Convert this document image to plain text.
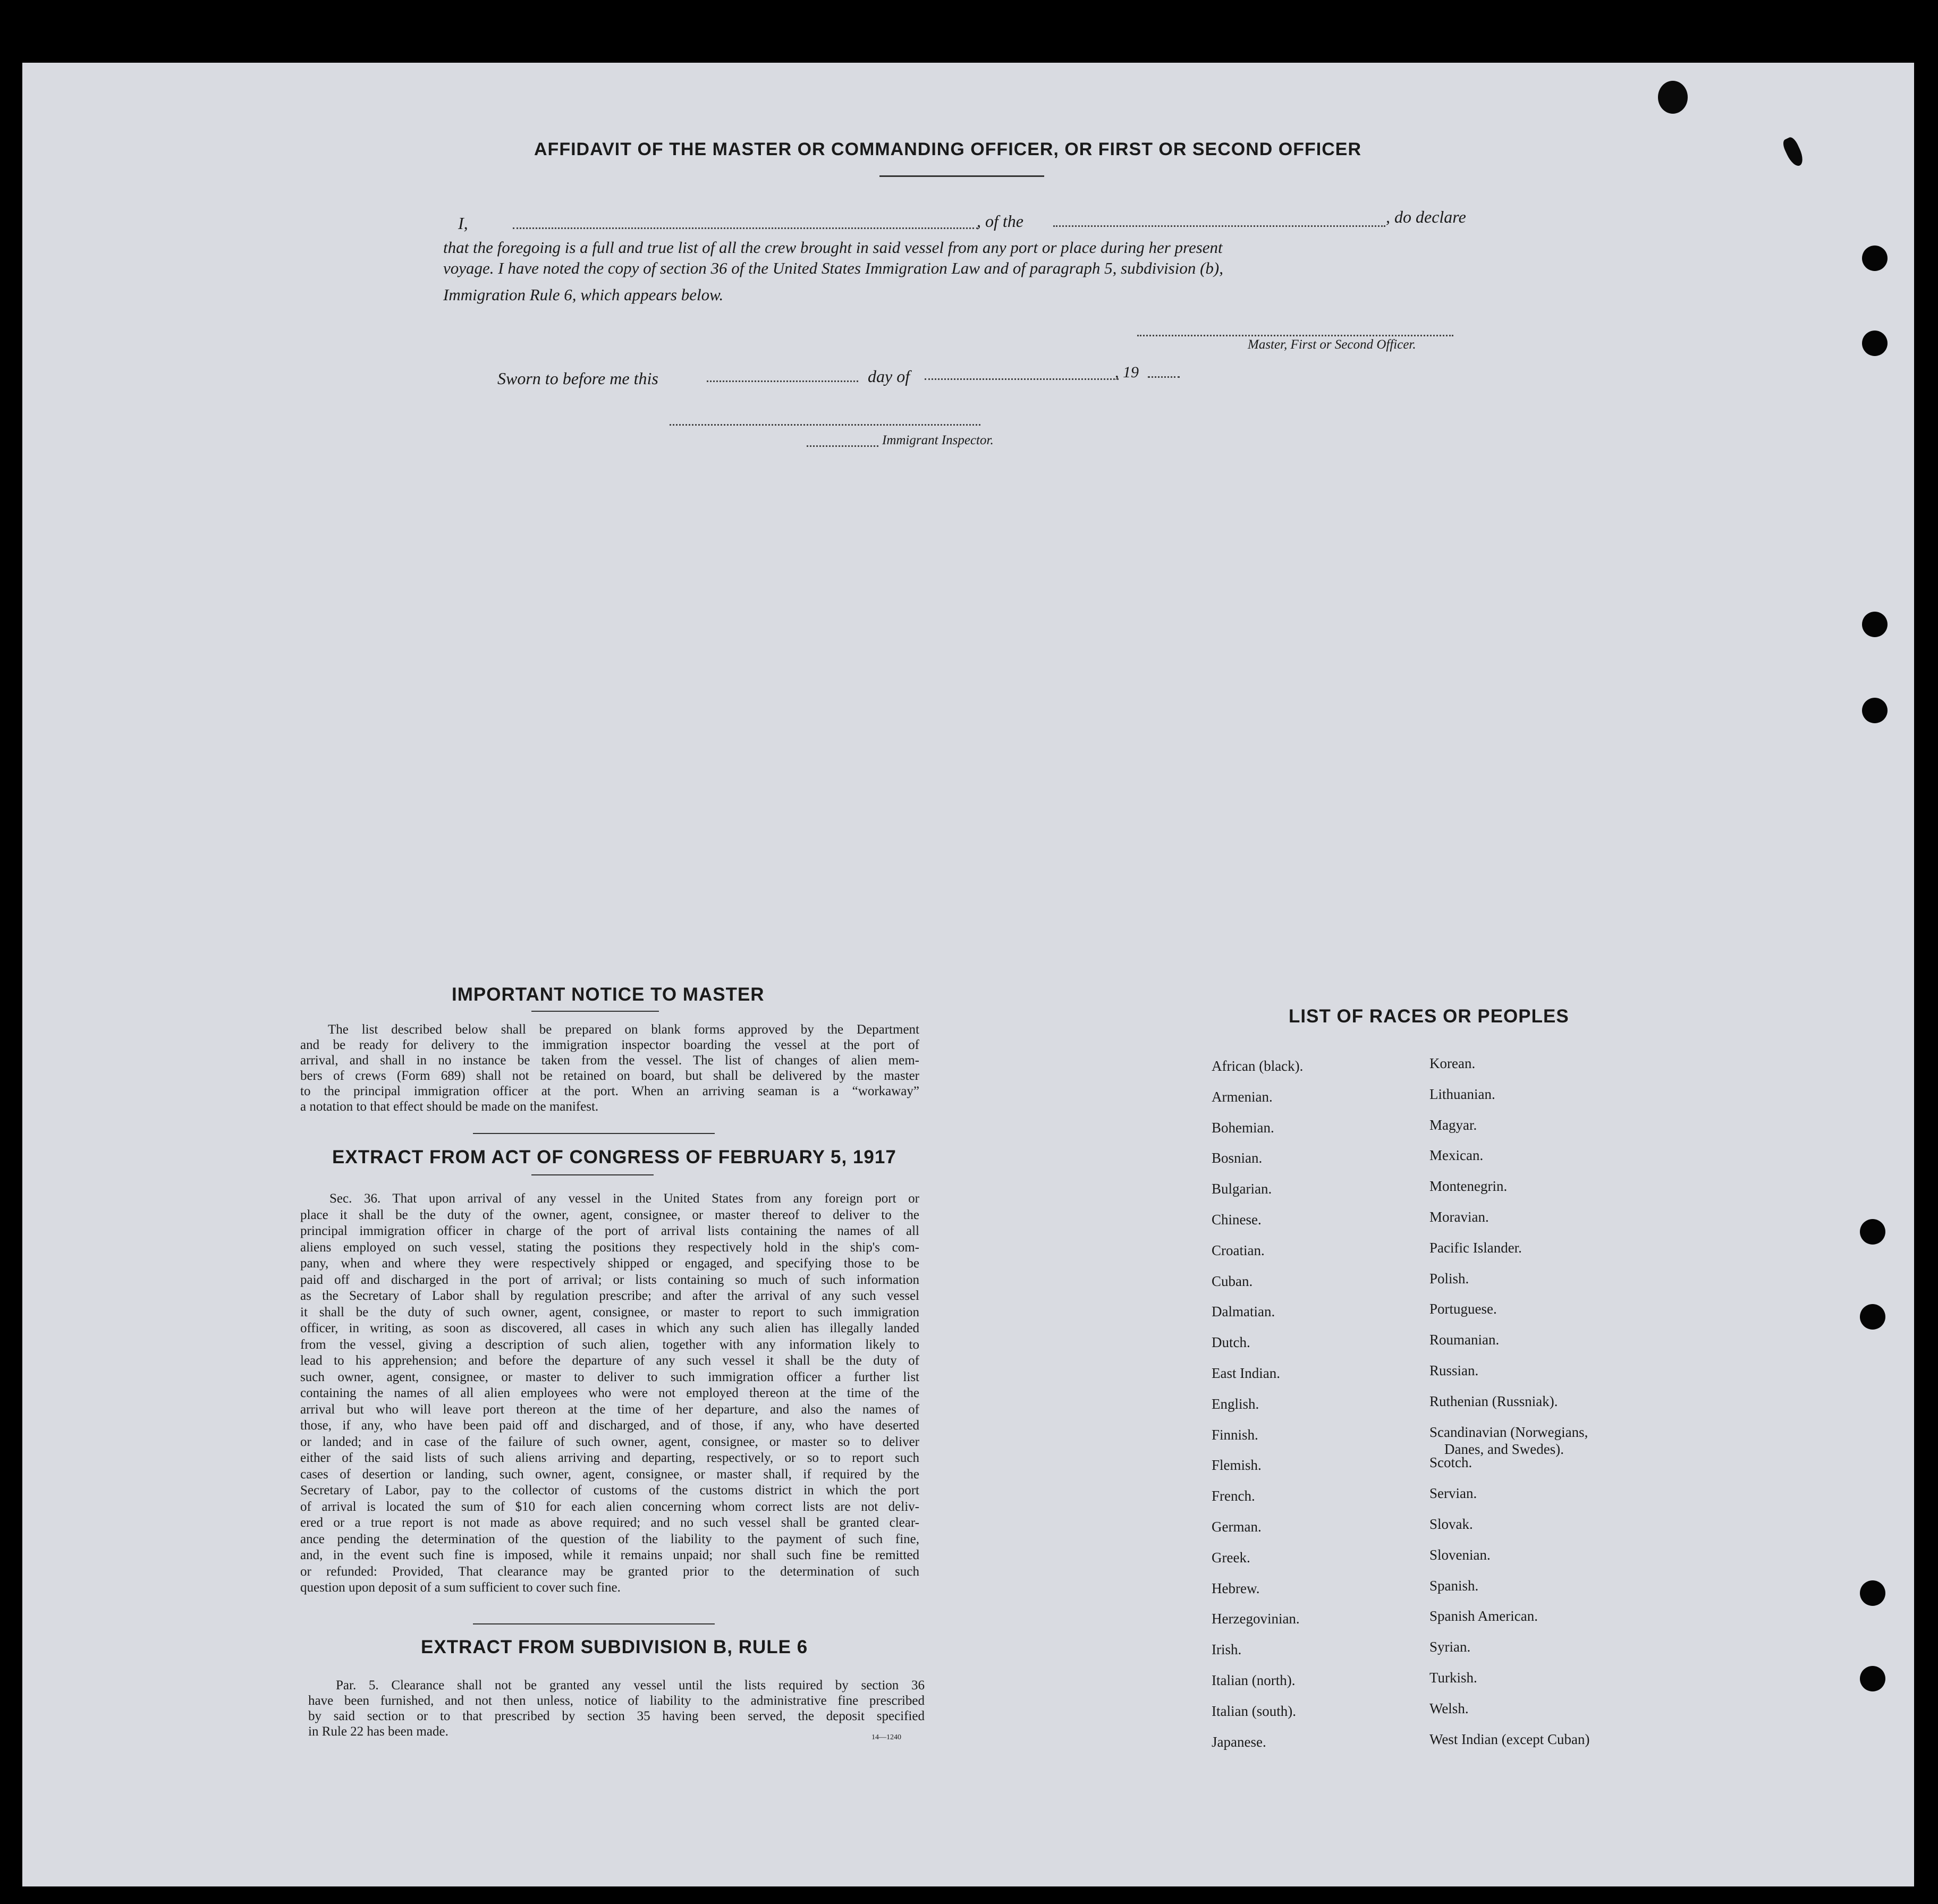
AFFIDAVIT OF THE MASTER OR COMMANDING OFFICER, OR FIRST OR SECOND OFFICER
I,	, of the	, do declare
that the foregoing is a full and true list of all the crew brought in said vessel from any port or place during her present
voyage. I have noted the copy of section 36 of the United States Immigration Law and of paragraph 5, subdivision (b),
Immigration Rule 6, which appears below.
Master, First or Second Officer.
Sworn to before me this	day of	, 19
Immigrant Inspector.
IMPORTANT NOTICE TO MASTER
The list described below shall be prepared on blank forms approved by the Department
and be ready for delivery to the immigration inspector boarding the vessel at the port of
arrival, and shall in no instance be taken from the vessel. The list of changes of alien mem-
bers of crews (Form 689) shall not be retained on board, but shall be delivered by the master
to the principal immigration officer at the port. When an arriving seaman is a “workaway”
a notation to that effect should be made on the manifest.
EXTRACT FROM ACT OF CONGRESS OF FEBRUARY 5, 1917
Sec. 36. That upon arrival of any vessel in the United States from any foreign port or
place it shall be the duty of the owner, agent, consignee, or master thereof to deliver to the
principal immigration officer in charge of the port of arrival lists containing the names of all
aliens employed on such vessel, stating the positions they respectively hold in the ship's com-
pany, when and where they were respectively shipped or engaged, and specifying those to be
paid off and discharged in the port of arrival; or lists containing so much of such information
as the Secretary of Labor shall by regulation prescribe; and after the arrival of any such vessel
it shall be the duty of such owner, agent, consignee, or master to report to such immigration
officer, in writing, as soon as discovered, all cases in which any such alien has illegally landed
from the vessel, giving a description of such alien, together with any information likely to
lead to his apprehension; and before the departure of any such vessel it shall be the duty of
such owner, agent, consignee, or master to deliver to such immigration officer a further list
containing the names of all alien employees who were not employed thereon at the time of the
arrival but who will leave port thereon at the time of her departure, and also the names of
those, if any, who have been paid off and discharged, and of those, if any, who have deserted
or landed; and in case of the failure of such owner, agent, consignee, or master so to deliver
either of the said lists of such aliens arriving and departing, respectively, or so to report such
cases of desertion or landing, such owner, agent, consignee, or master shall, if required by the
Secretary of Labor, pay to the collector of customs of the customs district in which the port
of arrival is located the sum of $10 for each alien concerning whom correct lists are not deliv-
ered or a true report is not made as above required; and no such vessel shall be granted clear-
ance pending the determination of the question of the liability to the payment of such fine,
and, in the event such fine is imposed, while it remains unpaid; nor shall such fine be remitted
or refunded: Provided, That clearance may be granted prior to the determination of such
question upon deposit of a sum sufficient to cover such fine.
EXTRACT FROM SUBDIVISION B, RULE 6
Par. 5. Clearance shall not be granted any vessel until the lists required by section 36
have been furnished, and not then unless, notice of liability to the administrative fine prescribed
by said section or to that prescribed by section 35 having been served, the deposit specified
in Rule 22 has been made.	14—1240
LIST OF RACES OR PEOPLES
African (black).
Armenian.
Bohemian.
Bosnian.
Bulgarian.
Chinese.
Croatian.
Cuban.
Dalmatian.
Dutch.
East Indian.
English.
Finnish.
Flemish.
French.
German.
Greek.
Hebrew.
Herzegovinian.
Irish.
Italian (north).
Italian (south).
Japanese.
Korean.
Lithuanian.
Magyar.
Mexican.
Montenegrin.
Moravian.
Pacific Islander.
Polish.
Portuguese.
Roumanian.
Russian.
Ruthenian (Russniak).
Scandinavian (Norwegians,
Scotch.
Servian.
Slovak.
Slovenian.
Spanish.
Spanish American.
Syrian.
Turkish.
Welsh.
West Indian (except Cuban)
Danes, and Swedes).
